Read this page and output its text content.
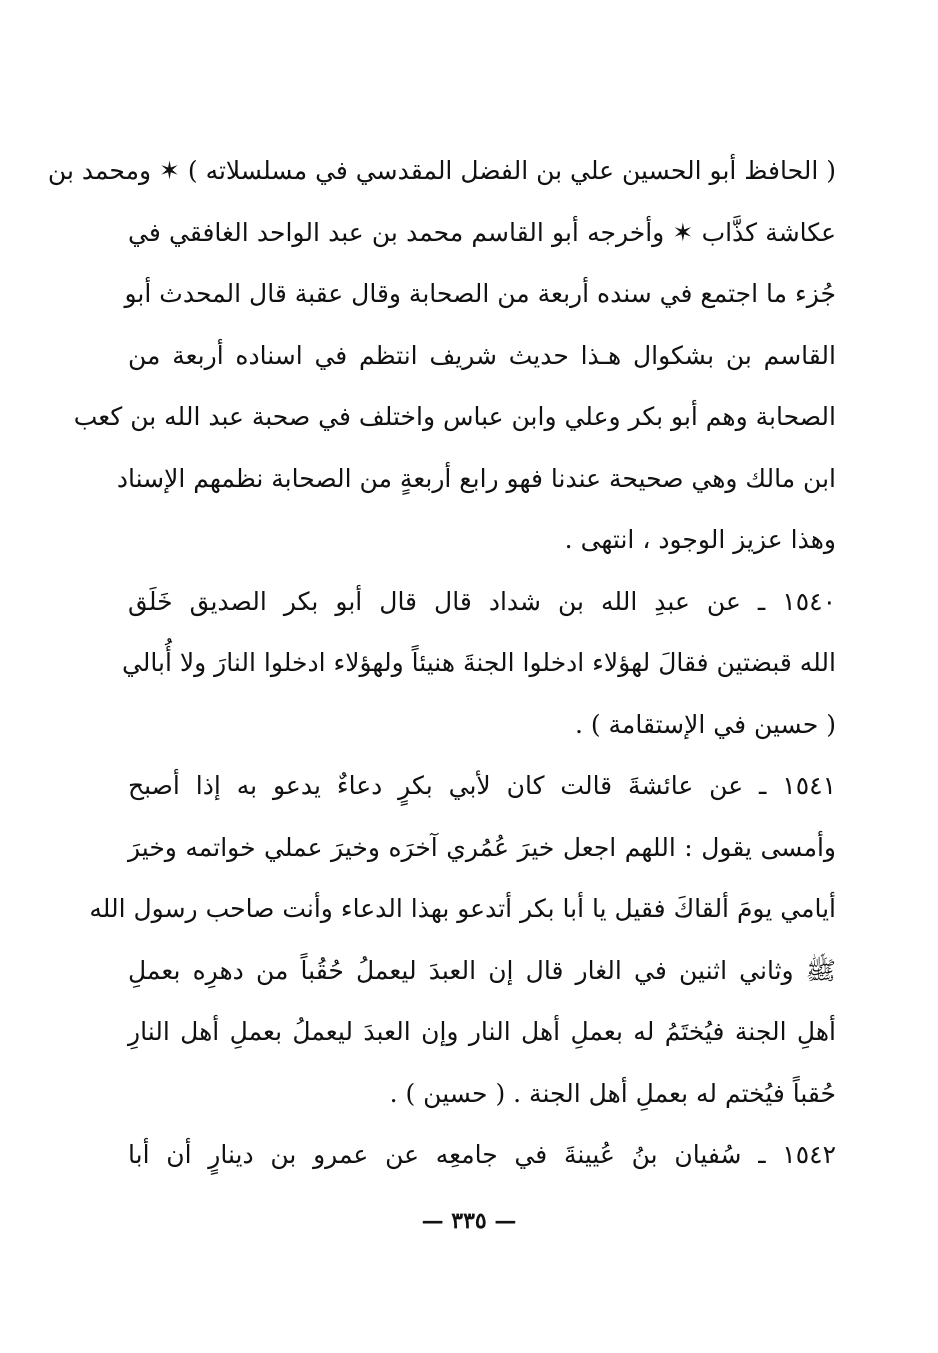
( الحافظ أبو الحسين علي بن الفضل المقدسي في مسلسلاته ) ✶ ومحمد بن
عكاشة كذَّاب ✶ وأخرجه أبو القاسم محمد بن عبد الواحد الغافقي في
جُزء ما اجتمع في سنده أربعة من الصحابة وقال عقبة قال المحدث أبو
القاسم بن بشكوال هـذا حديث شريف انتظم في اسناده أربعة من
الصحابة وهم أبو بكر وعلي وابن عباس واختلف في صحبة عبد الله بن كعب
ابن مالك وهي صحيحة عندنا فهو رابع أربعةٍ من الصحابة نظمهم الإسناد
وهذا عزيز الوجود ، انتهى .
١٥٤٠ ـ عن عبدِ الله بن شداد قال قال أبو بكر الصديق خَلَق
الله قبضتين فقالَ لهؤلاء ادخلوا الجنةَ هنيئاً ولهؤلاء ادخلوا النارَ ولا أُبالي
( حسين في الإستقامة ) .
١٥٤١ ـ عن عائشةَ قالت كان لأبي بكرٍ دعاءٌ يدعو به إذا أصبح
وأمسى يقول : اللهم اجعل خيرَ عُمُري آخرَه وخيرَ عملي خواتمه وخيرَ
أيامي يومَ ألقاكَ فقيل يا أبا بكر أتدعو بهذا الدعاء وأنت صاحب رسول الله
ﷺ وثاني اثنين في الغار قال إن العبدَ ليعملُ حُقُباً من دهرِه بعملِ
أهلِ الجنة فيُختَمُ له بعملِ أهل النار وإن العبدَ ليعملُ بعملِ أهل النارِ
حُقباً فيُختم له بعملِ أهل الجنة . ( حسين ) .
١٥٤٢ ـ سُفيان بنُ عُيينةَ في جامعِه عن عمرو بن دينارٍ أن أبا
— ٣٣٥ —
